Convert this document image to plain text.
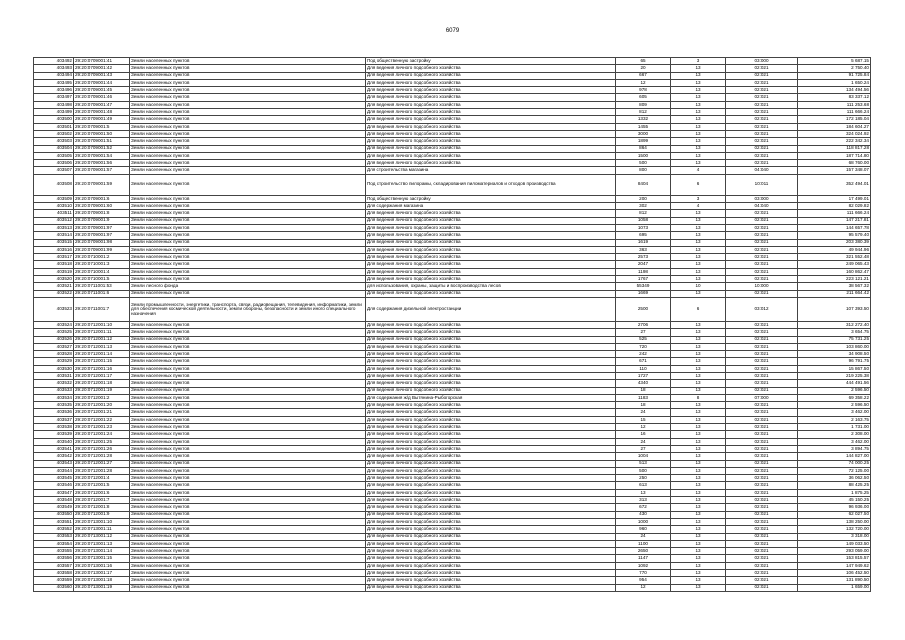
6079
403492	29:20:0709001:41	Земли населенных пунктов	Под общественную застройку	65	3	03:000	5 687.15
403493	29:20:0709001:42	Земли населенных пунктов	Для ведения личного подсобного хозяйства	20	13	02:021	2 750.40
403494	29:20:0709001:43	Земли населенных пунктов	Для ведения личного подсобного хозяйства	667	13	02:021	91 725.84
403495	29:20:0709001:44	Земли населенных пунктов	Для ведения личного подсобного хозяйства	12	13	02:021	1 650.24
403496	29:20:0709001:45	Земли населенных пунктов	Для ведения личного подсобного хозяйства	978	13	02:021	134 494.56
403497	29:20:0709001:46	Земли населенных пунктов	Для ведения личного подсобного хозяйства	605	13	02:021	83 337.12
403498	29:20:0709001:47	Земли населенных пунктов	Для ведения личного подсобного хозяйства	809	13	02:021	111 253.68
403499	29:20:0709001:48	Земли населенных пунктов	Для ведения личного подсобного хозяйства	812	13	02:021	111 666.24
403500	29:20:0709001:49	Земли населенных пунктов	Для ведения личного подсобного хозяйства	1332	13	02:021	172 185.04
403501	29:20:0709001:5	Земли населенных пунктов	Для ведения личного подсобного хозяйства	1455	13	02:021	184 604.27
403502	29:20:0709001:50	Земли населенных пунктов	Для ведения личного подсобного хозяйства	3000	13	02:021	324 024.92
403503	29:20:0709001:51	Земли населенных пунктов	Для ведения личного подсобного хозяйства	1899	13	02:021	222 342.34
403504	29:20:0709001:52	Земли населенных пунктов	Для ведения личного подсобного хозяйства	864	13	02:021	118 817.28
403505	29:20:0709001:54	Земли населенных пунктов	Для ведения личного подсобного хозяйства	1500	13	02:021	187 714.80
403506	29:20:0709001:56	Земли населенных пунктов	Для ведения личного подсобного хозяйства	500	13	02:021	68 760.00
403507	29:20:0709001:57	Земли населенных пунктов	Для строительства магазина	800	4	04:040	157 348.07
403508	29:20:0709001:59	Земли населенных пунктов	Под строительство пилорамы, складирования пиломатериалов и отходов производства	8404	6	10:011	352 494.01
403509	29:20:0709001:6	Земли населенных пунктов	Под общественную застройку	200	3	03:000	17 499.01
403510	29:20:0709001:60	Земли населенных пунктов	Для содержания магазина	302	4	04:040	82 029.82
403511	29:20:0709001:8	Земли населенных пунктов	Для ведения личного подсобного хозяйства	812	13	02:021	111 666.24
403512	29:20:0709001:9	Земли населенных пунктов	Для ведения личного подсобного хозяйства	1058	13	02:021	147 217.81
403513	29:20:0709001:97	Земли населенных пунктов	Для ведения личного подсобного хозяйства	1073	13	02:021	144 657.78
403514	29:20:0709001:97	Земли населенных пунктов	Для ведения личного подсобного хозяйства	695	13	02:021	95 579.40
403515	29:20:0709001:98	Земли населенных пунктов	Для ведения личного подсобного хозяйства	1619	13	02:021	203 380.39
403516	29:20:0709001:99	Земли населенных пунктов	Для ведения личного подсобного хозяйства	363	13	02:021	49 944.96
403517	29:20:0710001:2	Земли населенных пунктов	Для ведения личного подсобного хозяйства	2573	13	02:021	321 552.48
403518	29:20:0710001:3	Земли населенных пунктов	Для ведения личного подсобного хозяйства	2047	13	02:021	249 065.43
403519	29:20:0710001:4	Земли населенных пунктов	Для ведения личного подсобного хозяйства	1198	13	02:021	160 862.47
403520	29:20:0710001:5	Земли населенных пунктов	Для ведения личного подсобного хозяйства	1767	13	02:021	223 121.21
403521	29:20:0711001:53	Земли лесного фонда	для использования, охраны, защиты и воспроизводства лесов	55349	10	10:000	38 567.32
403522	29:20:0711001:6	Земли населенных пунктов	Для ведения личного подсобного хозяйства	1669	13	02:021	211 664.42
403523	29:20:0711001:7	Земли промышленности, энергетики, транспорта, связи, радиовещания, телевидения, информатики, земли для обеспечения космической деятельности, земли обороны, безопасности и земли иного специального назначения	Для содержания дизельной электростанции	2500	6	03:012	107 393.50
403524	29:20:0712001:10	Земли населенных пунктов	Для ведения личного подсобного хозяйства	2706	13	02:021	312 272.40
403525	29:20:0712001:11	Земли населенных пунктов	Для ведения личного подсобного хозяйства	27	13	02:021	3 654.75
403526	29:20:0712001:12	Земли населенных пунктов	Для ведения личного подсобного хозяйства	525	13	02:021	75 731.25
403527	29:20:0712001:13	Земли населенных пунктов	Для ведения личного подсобного хозяйства	720	13	02:021	103 860.00
403528	29:20:0712001:14	Земли населенных пунктов	Для ведения личного подсобного хозяйства	242	13	02:021	34 908.50
403529	29:20:0712001:15	Земли населенных пунктов	Для ведения личного подсобного хозяйства	671	13	02:021	96 791.75
403530	29:20:0712001:16	Земли населенных пунктов	Для ведения личного подсобного хозяйства	110	13	02:021	15 867.50
403531	29:20:0712001:17	Земли населенных пунктов	Для ведения личного подсобного хозяйства	1727	13	02:021	219 225.38
403532	29:20:0712001:18	Земли населенных пунктов	Для ведения личного подсобного хозяйства	4340	13	02:021	444 491.56
403533	29:20:0712001:19	Земли населенных пунктов	Для ведения личного подсобного хозяйства	18	13	02:021	2 596.50
403534	29:20:0712001:2	Земли населенных пунктов	Для содержания ж/д Вытянина-Рыбогорская	1183	8	07:000	69 358.22
403535	29:20:0712001:20	Земли населенных пунктов	Для ведения личного подсобного хозяйства	18	13	02:021	2 596.50
403536	29:20:0712001:21	Земли населенных пунктов	Для ведения личного подсобного хозяйства	24	13	02:021	3 462.00
403537	29:20:0712001:22	Земли населенных пунктов	Для ведения личного подсобного хозяйства	15	13	02:021	2 163.75
403538	29:20:0712001:23	Земли населенных пунктов	Для ведения личного подсобного хозяйства	12	13	02:021	1 731.00
403539	29:20:0712001:24	Земли населенных пунктов	Для ведения личного подсобного хозяйства	16	13	02:021	2 308.00
403540	29:20:0712001:25	Земли населенных пунктов	Для ведения личного подсобного хозяйства	24	13	02:021	3 462.00
403541	29:20:0712001:26	Земли населенных пунктов	Для ведения личного подсобного хозяйства	27	13	02:021	3 894.75
403542	29:20:0712001:28	Земли населенных пунктов	Для ведения личного подсобного хозяйства	1004	13	02:021	144 827.00
403543	29:20:0712001:27	Земли населенных пунктов	Для ведения личного подсобного хозяйства	513	13	02:021	74 000.25
403544	29:20:0712001:28	Земли населенных пунктов	Для ведения личного подсобного хозяйства	500	13	02:021	72 125.00
403545	29:20:0712001:4	Земли населенных пунктов	Для ведения личного подсобного хозяйства	250	13	02:021	36 062.50
403546	29:20:0712001:5	Земли населенных пунктов	Для ведения личного подсобного хозяйства	613	13	02:021	88 425.25
403547	29:20:0712001:6	Земли населенных пунктов	Для ведения личного подсобного хозяйства	13	13	02:021	1 875.25
403548	29:20:0712001:7	Земли населенных пунктов	Для ведения личного подсобного хозяйства	313	13	02:021	45 150.25
403549	29:20:0712001:8	Земли населенных пунктов	Для ведения личного подсобного хозяйства	672	13	02:021	96 936.00
403550	29:20:0712001:9	Земли населенных пунктов	Для ведения личного подсобного хозяйства	430	13	02:021	62 027.50
403551	29:20:0713001:10	Земли населенных пунктов	Для ведения личного подсобного хозяйства	1000	13	02:021	138 250.00
403552	29:20:0713001:11	Земли населенных пунктов	Для ведения личного подсобного хозяйства	960	13	02:021	132 720.00
403553	29:20:0713001:12	Земли населенных пунктов	Для ведения личного подсобного хозяйства	24	13	02:021	3 318.00
403554	29:20:0713001:13	Земли населенных пунктов	Для ведения личного подсобного хозяйства	1100	13	02:021	149 033.50
403555	29:20:0713001:14	Земли населенных пунктов	Для ведения личного подсобного хозяйства	2650	13	02:021	293 059.00
403556	29:20:0713001:15	Земли населенных пунктов	Для ведения личного подсобного хозяйства	1147	13	02:021	153 815.57
403557	29:20:0713001:16	Земли населенных пунктов	Для ведения личного подсобного хозяйства	1092	13	02:021	147 949.62
403558	29:20:0713001:17	Земли населенных пунктов	Для ведения личного подсобного хозяйства	770	13	02:021	106 452.50
403559	29:20:0713001:18	Земли населенных пунктов	Для ведения личного подсобного хозяйства	954	13	02:021	131 890.50
403560	29:20:0713001:19	Земли населенных пунктов	Для ведения личного подсобного хозяйства	12	13	02:021	1 659.00
